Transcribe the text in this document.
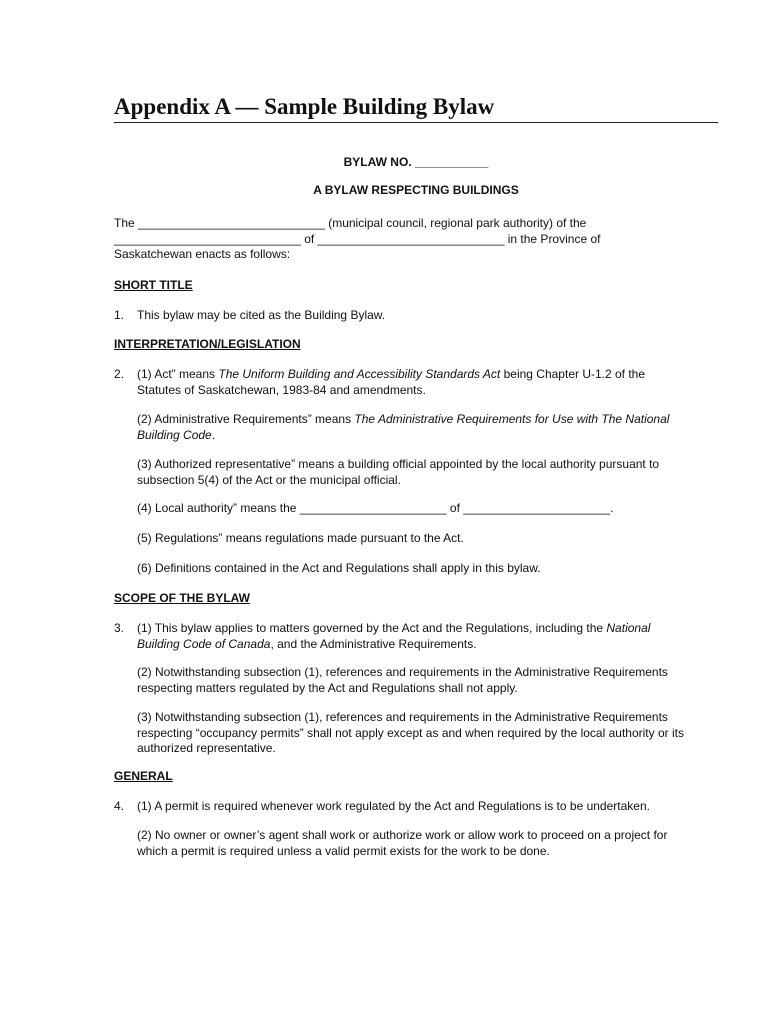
Appendix A — Sample Building Bylaw

BYLAW NO. ___________

A BYLAW RESPECTING BUILDINGS

The ____________________________ (municipal council, regional park authority) of the
____________________________ of ____________________________ in the Province of
Saskatchewan enacts as follows:

SHORT TITLE

1. This bylaw may be cited as the Building Bylaw.

INTERPRETATION/LEGISLATION

2. (1) Act” means The Uniform Building and Accessibility Standards Act being Chapter U-1.2 of the
Statutes of Saskatchewan, 1983-84 and amendments.
(2) Administrative Requirements” means The Administrative Requirements for Use with The National
Building Code.
(3) Authorized representative” means a building official appointed by the local authority pursuant to
subsection 5(4) of the Act or the municipal official.
(4) Local authority” means the ______________________ of ______________________.
(5) Regulations” means regulations made pursuant to the Act.
(6) Definitions contained in the Act and Regulations shall apply in this bylaw.

SCOPE OF THE BYLAW

3. (1) This bylaw applies to matters governed by the Act and the Regulations, including the National
Building Code of Canada, and the Administrative Requirements.
(2) Notwithstanding subsection (1), references and requirements in the Administrative Requirements
respecting matters regulated by the Act and Regulations shall not apply.
(3) Notwithstanding subsection (1), references and requirements in the Administrative Requirements
respecting “occupancy permits” shall not apply except as and when required by the local authority or its
authorized representative.

GENERAL

4. (1) A permit is required whenever work regulated by the Act and Regulations is to be undertaken.
(2) No owner or owner’s agent shall work or authorize work or allow work to proceed on a project for
which a permit is required unless a valid permit exists for the work to be done.
